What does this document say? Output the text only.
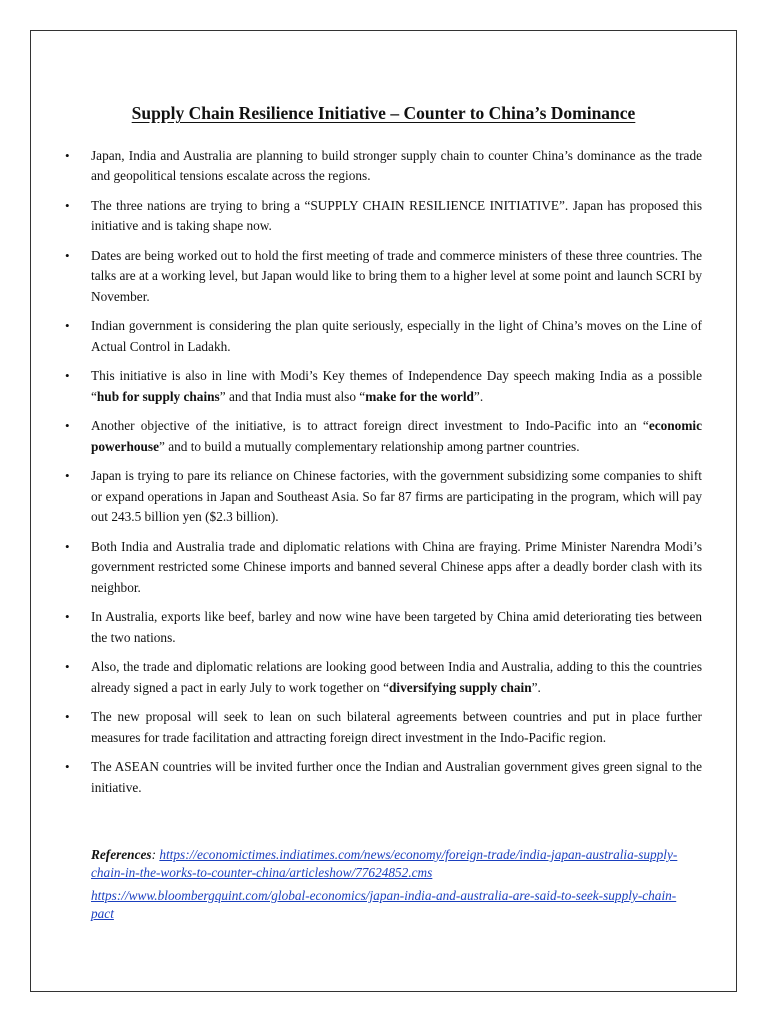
Supply Chain Resilience Initiative – Counter to China’s Dominance
• Japan, India and Australia are planning to build stronger supply chain to counter China’s dominance as the trade and geopolitical tensions escalate across the regions.
• The three nations are trying to bring a “SUPPLY CHAIN RESILIENCE INITIATIVE”. Japan has proposed this initiative and is taking shape now.
• Dates are being worked out to hold the first meeting of trade and commerce ministers of these three countries. The talks are at a working level, but Japan would like to bring them to a higher level at some point and launch SCRI by November.
• Indian government is considering the plan quite seriously, especially in the light of China’s moves on the Line of Actual Control in Ladakh.
• This initiative is also in line with Modi’s Key themes of Independence Day speech making India as a possible “hub for supply chains” and that India must also “make for the world”.
• Another objective of the initiative, is to attract foreign direct investment to Indo-Pacific into an “economic powerhouse” and to build a mutually complementary relationship among partner countries.
• Japan is trying to pare its reliance on Chinese factories, with the government subsidizing some companies to shift or expand operations in Japan and Southeast Asia. So far 87 firms are participating in the program, which will pay out 243.5 billion yen ($2.3 billion).
• Both India and Australia trade and diplomatic relations with China are fraying. Prime Minister Narendra Modi’s government restricted some Chinese imports and banned several Chinese apps after a deadly border clash with its neighbor.
• In Australia, exports like beef, barley and now wine have been targeted by China amid deteriorating ties between the two nations.
• Also, the trade and diplomatic relations are looking good between India and Australia, adding to this the countries already signed a pact in early July to work together on “diversifying supply chain”.
• The new proposal will seek to lean on such bilateral agreements between countries and put in place further measures for trade facilitation and attracting foreign direct investment in the Indo-Pacific region.
• The ASEAN countries will be invited further once the Indian and Australian government gives green signal to the initiative.

References: https://economictimes.indiatimes.com/news/economy/foreign-trade/india-japan-australia-supply-chain-in-the-works-to-counter-china/articleshow/77624852.cms

https://www.bloombergquint.com/global-economics/japan-india-and-australia-are-said-to-seek-supply-chain-pact
